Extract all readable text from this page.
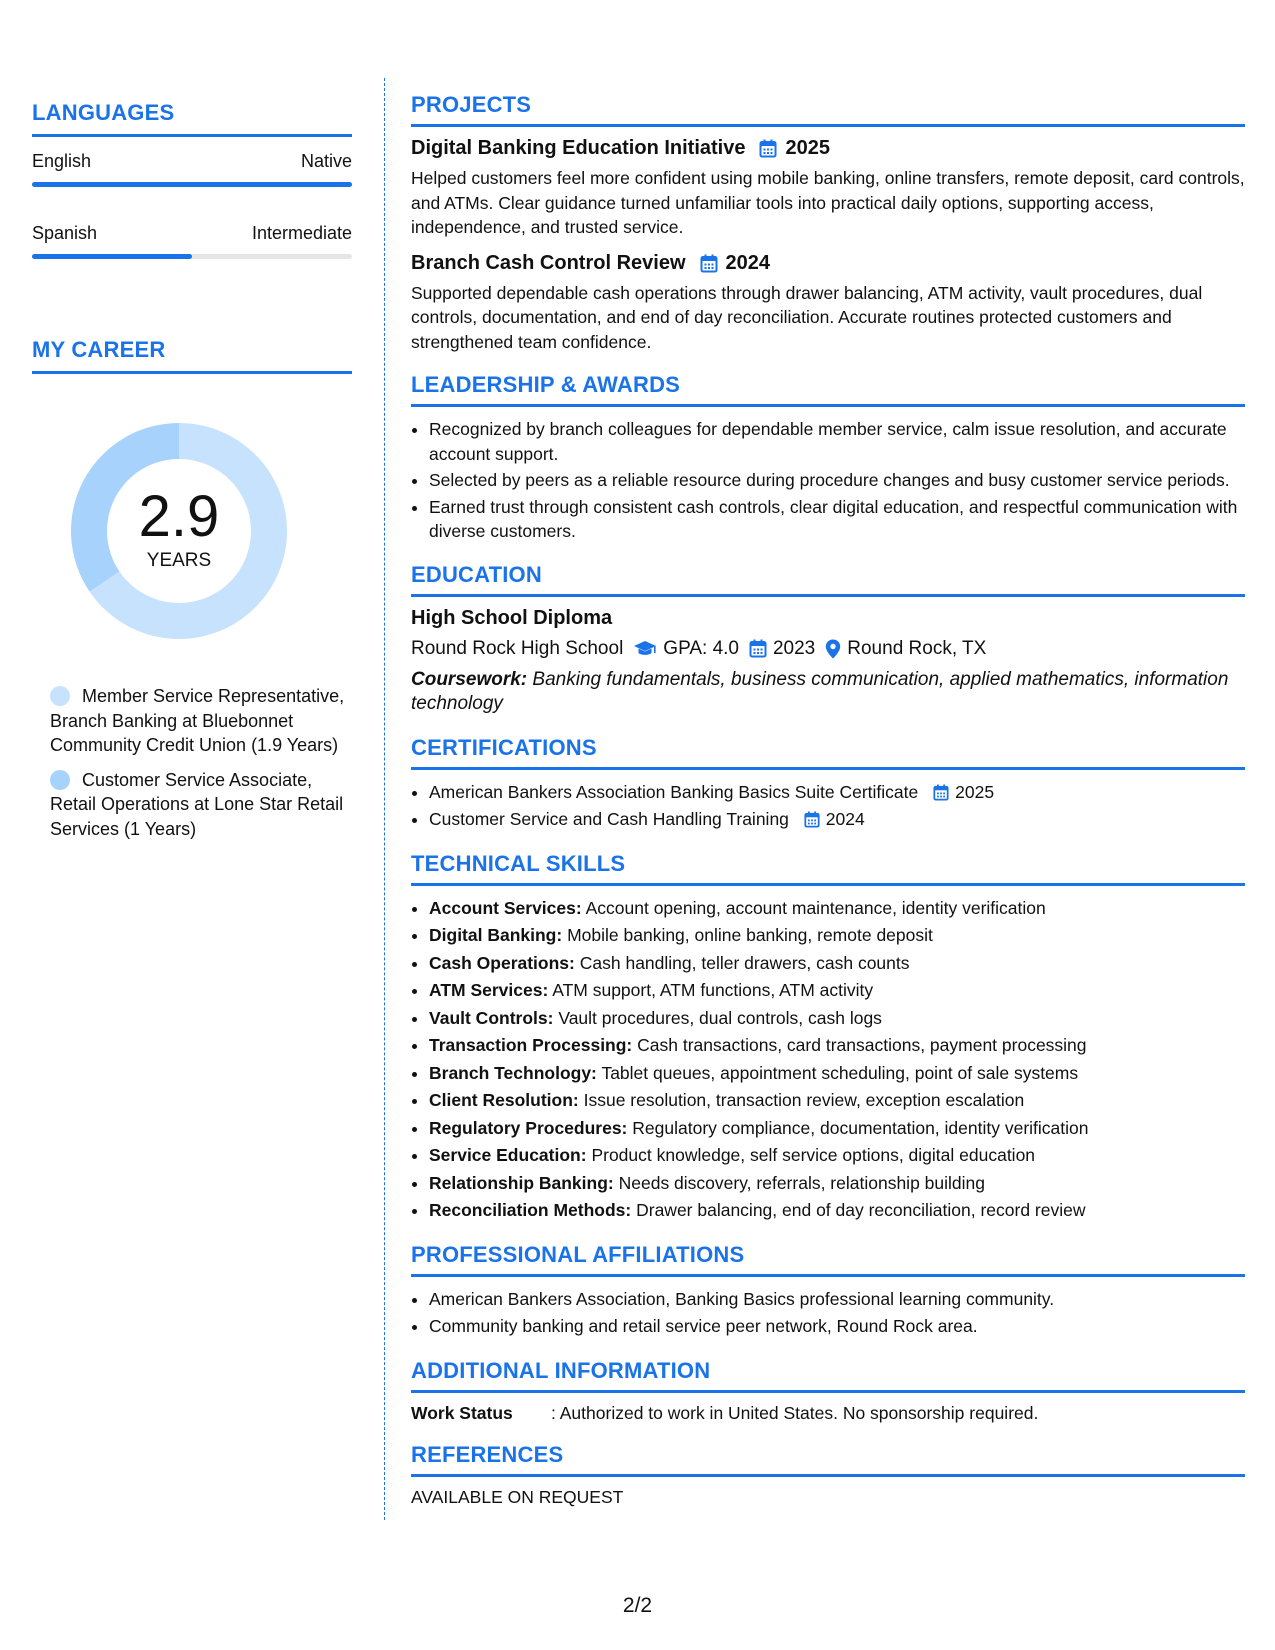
LANGUAGES
English	Native
Spanish	Intermediate
MY CAREER
2.9
YEARS
Member Service Representative, Branch Banking at Bluebonnet Community Credit Union (1.9 Years)
Customer Service Associate, Retail Operations at Lone Star Retail Services (1 Years)
PROJECTS
Digital Banking Education Initiative 2025
Helped customers feel more confident using mobile banking, online transfers, remote deposit, card controls, and ATMs. Clear guidance turned unfamiliar tools into practical daily options, supporting access, independence, and trusted service.
Branch Cash Control Review 2024
Supported dependable cash operations through drawer balancing, ATM activity, vault procedures, dual controls, documentation, and end of day reconciliation. Accurate routines protected customers and strengthened team confidence.
LEADERSHIP & AWARDS
• Recognized by branch colleagues for dependable member service, calm issue resolution, and accurate account support.
• Selected by peers as a reliable resource during procedure changes and busy customer service periods.
• Earned trust through consistent cash controls, clear digital education, and respectful communication with diverse customers.
EDUCATION
High School Diploma
Round Rock High School GPA: 4.0 2023 Round Rock, TX
Coursework: Banking fundamentals, business communication, applied mathematics, information technology
CERTIFICATIONS
• American Bankers Association Banking Basics Suite Certificate 2025
• Customer Service and Cash Handling Training 2024
TECHNICAL SKILLS
• Account Services: Account opening, account maintenance, identity verification
• Digital Banking: Mobile banking, online banking, remote deposit
• Cash Operations: Cash handling, teller drawers, cash counts
• ATM Services: ATM support, ATM functions, ATM activity
• Vault Controls: Vault procedures, dual controls, cash logs
• Transaction Processing: Cash transactions, card transactions, payment processing
• Branch Technology: Tablet queues, appointment scheduling, point of sale systems
• Client Resolution: Issue resolution, transaction review, exception escalation
• Regulatory Procedures: Regulatory compliance, documentation, identity verification
• Service Education: Product knowledge, self service options, digital education
• Relationship Banking: Needs discovery, referrals, relationship building
• Reconciliation Methods: Drawer balancing, end of day reconciliation, record review
PROFESSIONAL AFFILIATIONS
• American Bankers Association, Banking Basics professional learning community.
• Community banking and retail service peer network, Round Rock area.
ADDITIONAL INFORMATION
Work Status	: Authorized to work in United States. No sponsorship required.
REFERENCES
AVAILABLE ON REQUEST
2/2
